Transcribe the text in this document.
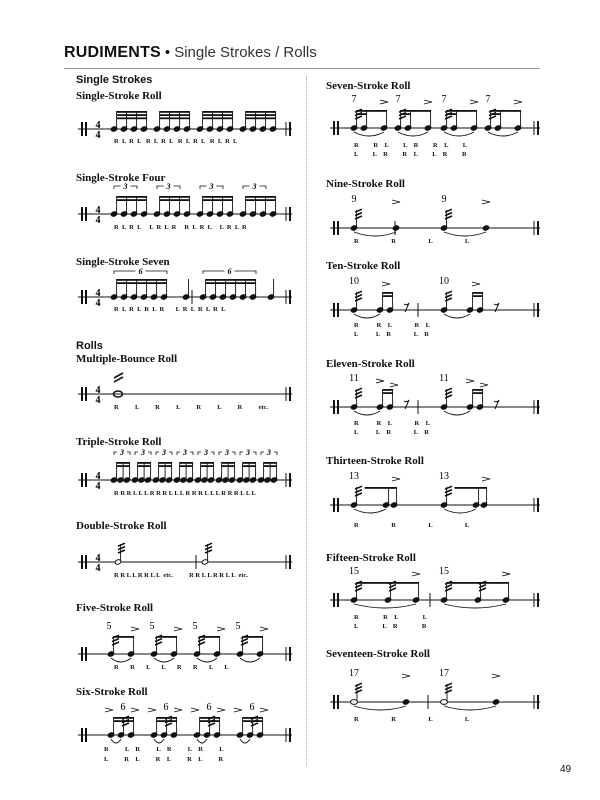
RUDIMENTS • Single Strokes / Rolls
Single Strokes
Rolls
Single-Stroke Roll
R  L  R  L   R  L  R  L   R  L  R  L   R  L  R  L
Single-Stroke Four
R  L  R  L     L  R  L  R     R  L  R  L     L  R  L  R
Single-Stroke Seven
R  L  R  L  R  L  R       L  R  L  R  L  R  L
Multiple-Bounce Roll
R          L          R          L          R          L          R          etc.
Triple-Stroke Roll
R R R L L L R R R L L L R R R L L L R R R L L L
Double-Stroke Roll
R R L L R R L L  etc.          R R L L R R L L  etc.
Five-Stroke Roll
R       R       L       L       R       R       L       L
Six-Stroke Roll
R          L    R          L    R          L    R          L
L          R    L          R    L          R    L          R
Seven-Stroke Roll
R         R    L         L    R         R    L         L
L         L    R         R    L         L    R         R
Nine-Stroke Roll
R                    R                    L                    L
Ten-Stroke Roll
R           R    L              R    L
L           L    R              L    R
Eleven-Stroke Roll
R           R    L              R    L
L           L    R              L    R
Thirteen-Stroke Roll
R                    R                    L                    L
Fifteen-Stroke Roll
R               R    L               L
L               L    R               R
Seventeen-Stroke Roll
R                    R                    L                    L
49
4
4
4
4
3	3	3	3
4
4
6	6
4
4
4
4
3 3 3 3 3 3 3 3
4
4
5	5	5	5
6	6	6	6
7	7	7	7
9	9
10	10
11	11
13	13
15	15
17	17
